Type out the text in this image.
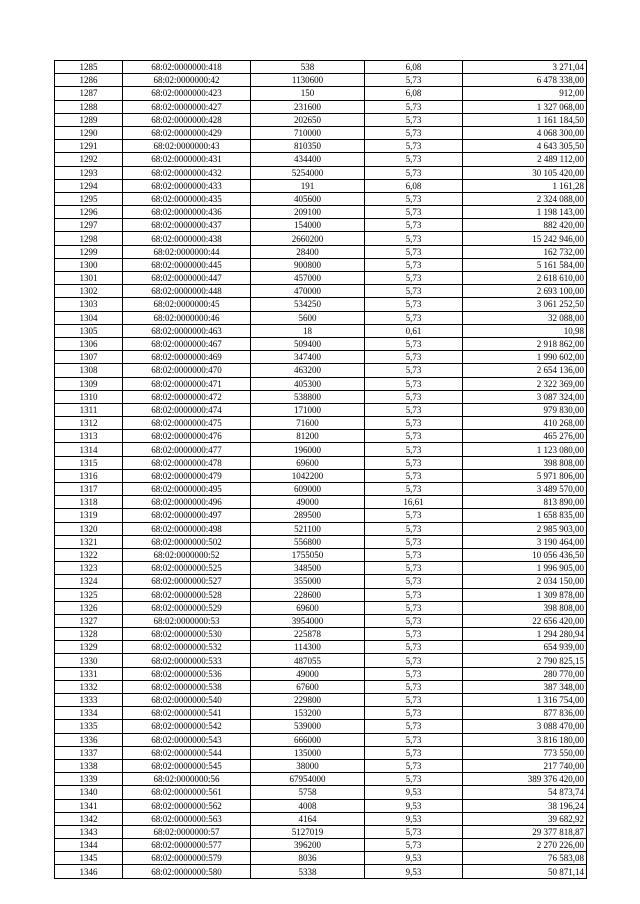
1285	68:02:0000000:418	538	6,08	3 271,04
1286	68:02:0000000:42	1130600	5,73	6 478 338,00
1287	68:02:0000000:423	150	6,08	912,00
1288	68:02:0000000:427	231600	5,73	1 327 068,00
1289	68:02:0000000:428	202650	5,73	1 161 184,50
1290	68:02:0000000:429	710000	5,73	4 068 300,00
1291	68:02:0000000:43	810350	5,73	4 643 305,50
1292	68:02:0000000:431	434400	5,73	2 489 112,00
1293	68:02:0000000:432	5254000	5,73	30 105 420,00
1294	68:02:0000000:433	191	6,08	1 161,28
1295	68:02:0000000:435	405600	5,73	2 324 088,00
1296	68:02:0000000:436	209100	5,73	1 198 143,00
1297	68:02:0000000:437	154000	5,73	882 420,00
1298	68:02:0000000:438	2660200	5,73	15 242 946,00
1299	68:02:0000000:44	28400	5,73	162 732,00
1300	68:02:0000000:445	900800	5,73	5 161 584,00
1301	68:02:0000000:447	457000	5,73	2 618 610,00
1302	68:02:0000000:448	470000	5,73	2 693 100,00
1303	68:02:0000000:45	534250	5,73	3 061 252,50
1304	68:02:0000000:46	5600	5,73	32 088,00
1305	68:02:0000000:463	18	0,61	10,98
1306	68:02:0000000:467	509400	5,73	2 918 862,00
1307	68:02:0000000:469	347400	5,73	1 990 602,00
1308	68:02:0000000:470	463200	5,73	2 654 136,00
1309	68:02:0000000:471	405300	5,73	2 322 369,00
1310	68:02:0000000:472	538800	5,73	3 087 324,00
1311	68:02:0000000:474	171000	5,73	979 830,00
1312	68:02:0000000:475	71600	5,73	410 268,00
1313	68:02:0000000:476	81200	5,73	465 276,00
1314	68:02:0000000:477	196000	5,73	1 123 080,00
1315	68:02:0000000:478	69600	5,73	398 808,00
1316	68:02:0000000:479	1042200	5,73	5 971 806,00
1317	68:02:0000000:495	609000	5,73	3 489 570,00
1318	68:02:0000000:496	49000	16,61	813 890,00
1319	68:02:0000000:497	289500	5,73	1 658 835,00
1320	68:02:0000000:498	521100	5,73	2 985 903,00
1321	68:02:0000000:502	556800	5,73	3 190 464,00
1322	68:02:0000000:52	1755050	5,73	10 056 436,50
1323	68:02:0000000:525	348500	5,73	1 996 905,00
1324	68:02:0000000:527	355000	5,73	2 034 150,00
1325	68:02:0000000:528	228600	5,73	1 309 878,00
1326	68:02:0000000:529	69600	5,73	398 808,00
1327	68:02:0000000:53	3954000	5,73	22 656 420,00
1328	68:02:0000000:530	225878	5,73	1 294 280,94
1329	68:02:0000000:532	114300	5,73	654 939,00
1330	68:02:0000000:533	487055	5,73	2 790 825,15
1331	68:02:0000000:536	49000	5,73	280 770,00
1332	68:02:0000000:538	67600	5,73	387 348,00
1333	68:02:0000000:540	229800	5,73	1 316 754,00
1334	68:02:0000000:541	153200	5,73	877 836,00
1335	68:02:0000000:542	539000	5,73	3 088 470,00
1336	68:02:0000000:543	666000	5,73	3 816 180,00
1337	68:02:0000000:544	135000	5,73	773 550,00
1338	68:02:0000000:545	38000	5,73	217 740,00
1339	68:02:0000000:56	67954000	5,73	389 376 420,00
1340	68:02:0000000:561	5758	9,53	54 873,74
1341	68:02:0000000:562	4008	9,53	38 196,24
1342	68:02:0000000:563	4164	9,53	39 682,92
1343	68:02:0000000:57	5127019	5,73	29 377 818,87
1344	68:02:0000000:577	396200	5,73	2 270 226,00
1345	68:02:0000000:579	8036	9,53	76 583,08
1346	68:02:0000000:580	5338	9,53	50 871,14
